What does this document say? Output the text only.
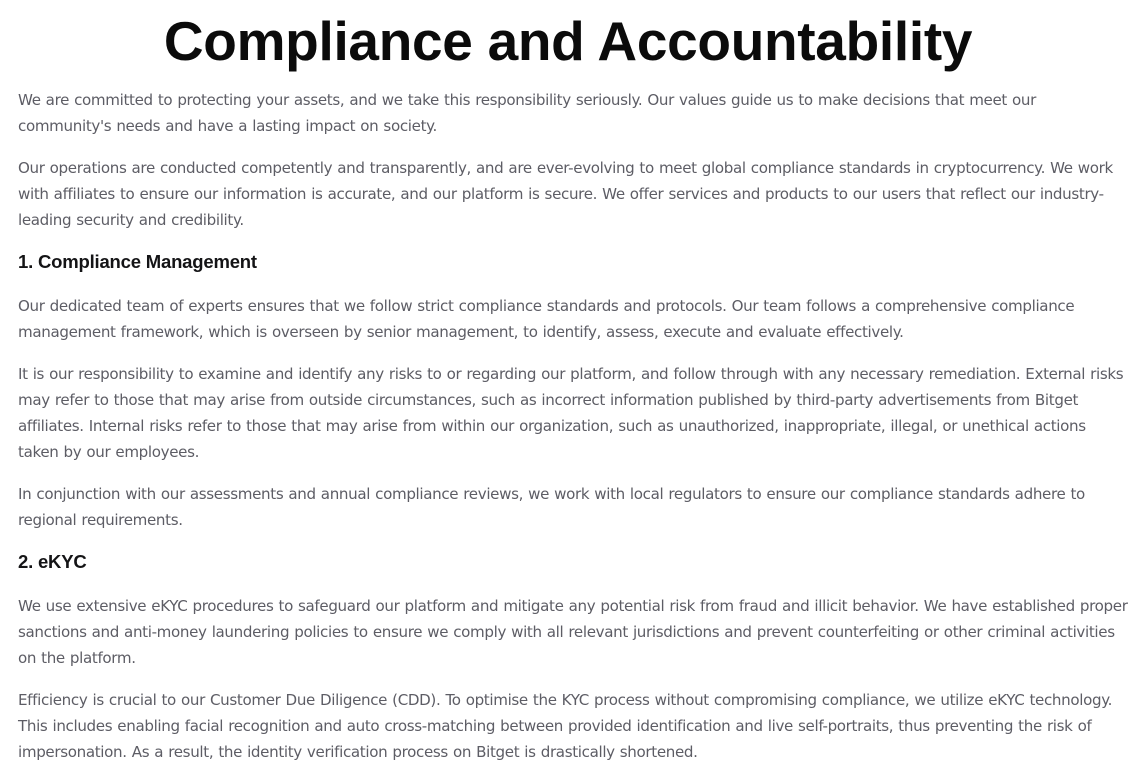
Compliance and Accountability

We are committed to protecting your assets, and we take this responsibility seriously. Our values guide us to make decisions that meet our community's needs and have a lasting impact on society.

Our operations are conducted competently and transparently, and are ever-evolving to meet global compliance standards in cryptocurrency. We work with affiliates to ensure our information is accurate, and our platform is secure. We offer services and products to our users that reflect our industry-leading security and credibility.

1. Compliance Management

Our dedicated team of experts ensures that we follow strict compliance standards and protocols. Our team follows a comprehensive compliance management framework, which is overseen by senior management, to identify, assess, execute and evaluate effectively.

It is our responsibility to examine and identify any risks to or regarding our platform, and follow through with any necessary remediation. External risks may refer to those that may arise from outside circumstances, such as incorrect information published by third-party advertisements from Bitget affiliates. Internal risks refer to those that may arise from within our organization, such as unauthorized, inappropriate, illegal, or unethical actions taken by our employees.

In conjunction with our assessments and annual compliance reviews, we work with local regulators to ensure our compliance standards adhere to regional requirements.

2. eKYC

We use extensive eKYC procedures to safeguard our platform and mitigate any potential risk from fraud and illicit behavior. We have established proper sanctions and anti-money laundering policies to ensure we comply with all relevant jurisdictions and prevent counterfeiting or other criminal activities on the platform.

Efficiency is crucial to our Customer Due Diligence (CDD). To optimise the KYC process without compromising compliance, we utilize eKYC technology. This includes enabling facial recognition and auto cross-matching between provided identification and live self-portraits, thus preventing the risk of impersonation. As a result, the identity verification process on Bitget is drastically shortened.
